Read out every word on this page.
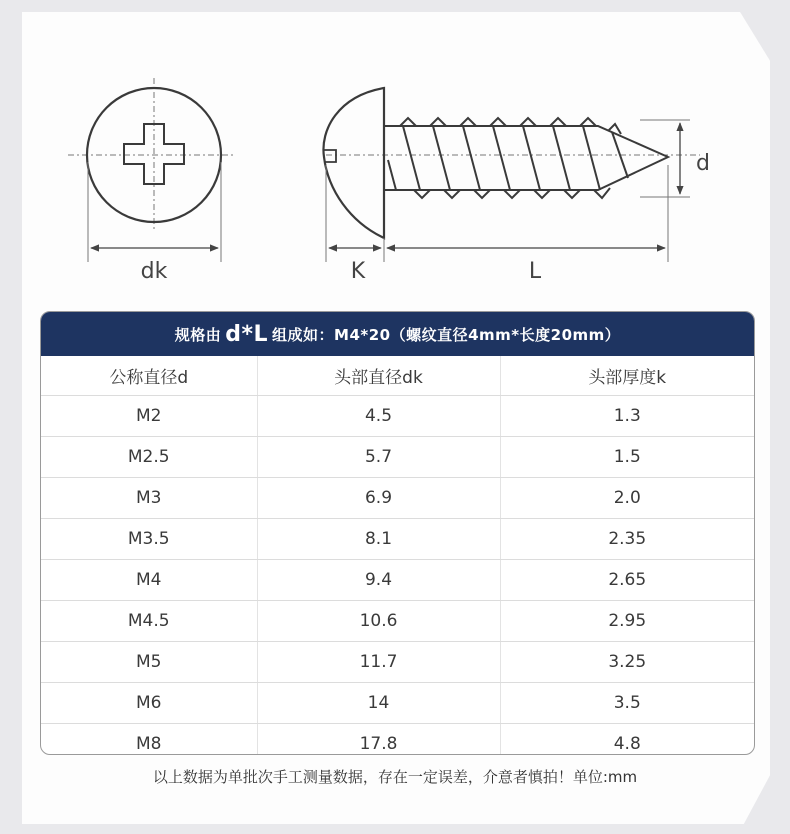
dk
d
K	L
规格由 d*L 组成如：M4*20（螺纹直径4mm*长度20mm）
公称直径d	头部直径dk	头部厚度k
M2	4.5	1.3
M2.5	5.7	1.5
M3	6.9	2.0
M3.5	8.1	2.35
M4	9.4	2.65
M4.5	10.6	2.95
M5	11.7	3.25
M6	14	3.5
M8	17.8	4.8
以上数据为单批次手工测量数据，存在一定误差，介意者慎拍！单位:mm
